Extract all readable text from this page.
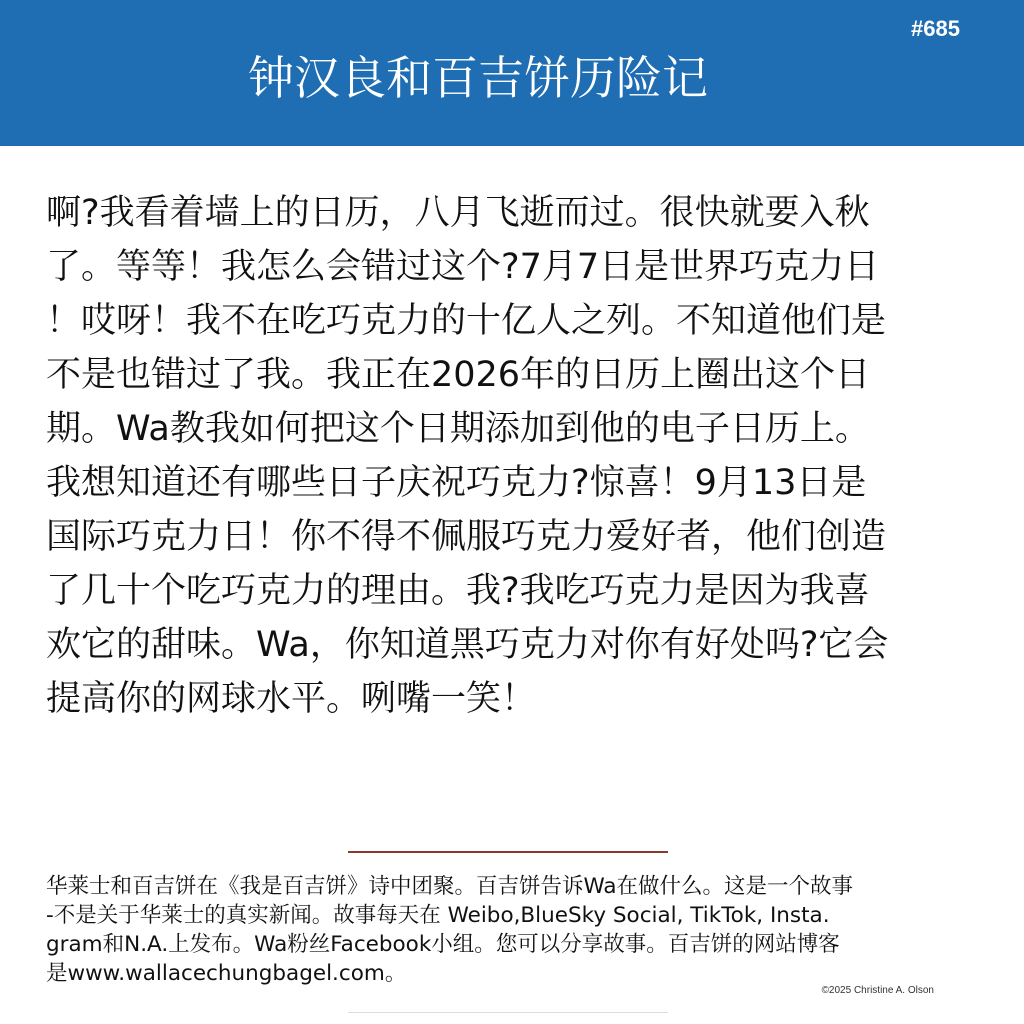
#685
钟汉良和百吉饼历险记
啊?我看着墙上的日历，八月飞逝而过。很快就要入秋
了。等等！我怎么会错过这个?7月7日是世界巧克力日
！哎呀！我不在吃巧克力的十亿人之列。不知道他们是
不是也错过了我。我正在2026年的日历上圈出这个日
期。Wa教我如何把这个日期添加到他的电子日历上。
我想知道还有哪些日子庆祝巧克力?惊喜！9月13日是
国际巧克力日！你不得不佩服巧克力爱好者，他们创造
了几十个吃巧克力的理由。我?我吃巧克力是因为我喜
欢它的甜味。Wa，你知道黑巧克力对你有好处吗?它会
提高你的网球水平。咧嘴一笑！
华莱士和百吉饼在《我是百吉饼》诗中团聚。百吉饼告诉Wa在做什么。这是一个故事
-不是关于华莱士的真实新闻。故事每天在 Weibo,BlueSky Social, TikTok, Insta.
gram和N.A.上发布。Wa粉丝Facebook小组。您可以分享故事。百吉饼的网站博客
是www.wallacechungbagel.com。
©2025 Christine A. Olson
